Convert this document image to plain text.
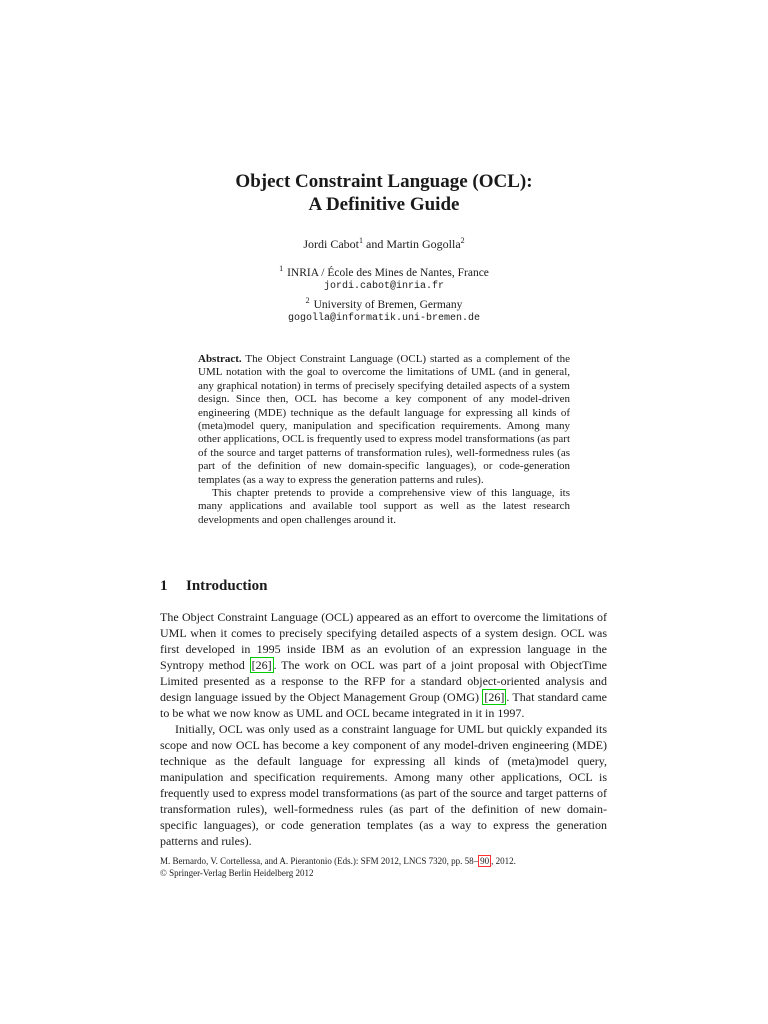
Object Constraint Language (OCL):
A Definitive Guide
Jordi Cabot$^1$ and Martin Gogolla$^2$
$^1$ INRIA / École des Mines de Nantes, France
jordi.cabot@inria.fr
$^2$ University of Bremen, Germany
gogolla@informatik.uni-bremen.de

Abstract. The Object Constraint Language (OCL) started as a complement of the UML notation with the goal to overcome the limitations of UML (and in general, any graphical notation) in terms of precisely specifying detailed aspects of a system design. Since then, OCL has become a key component of any model-driven engineering (MDE) technique as the default language for expressing all kinds of (meta)model query, manipulation and specification requirements. Among many other applications, OCL is frequently used to express model transformations (as part of the source and target patterns of transformation rules), well-formedness rules (as part of the definition of new domain-specific languages), or code-generation templates (as a way to express the generation patterns and rules).

This chapter pretends to provide a comprehensive view of this language, its many applications and available tool support as well as the latest research developments and open challenges around it.

1 Introduction

The Object Constraint Language (OCL) appeared as an effort to overcome the limitations of UML when it comes to precisely specifying detailed aspects of a system design. OCL was first developed in 1995 inside IBM as an evolution of an expression language in the Syntropy method [26] . The work on OCL was part of a joint proposal with ObjectTime Limited presented as a response to the RFP for a standard object-oriented analysis and design language issued by the Object Management Group (OMG) [26] . That standard came to be what we now know as UML and OCL became integrated in it in 1997.

Initially, OCL was only used as a constraint language for UML but quickly expanded its scope and now OCL has become a key component of any model-driven engineering (MDE) technique as the default language for expressing all kinds of (meta)model query, manipulation and specification requirements. Among many other applications, OCL is frequently used to express model transformations (as part of the source and target patterns of transformation rules), well-formedness rules (as part of the definition of new domain-specific languages), or code generation templates (as a way to express the generation patterns and rules).

M. Bernardo, V. Cortellessa, and A. Pierantonio (Eds.): SFM 2012, LNCS 7320, pp. 58– 90 , 2012.
© Springer-Verlag Berlin Heidelberg 2012
